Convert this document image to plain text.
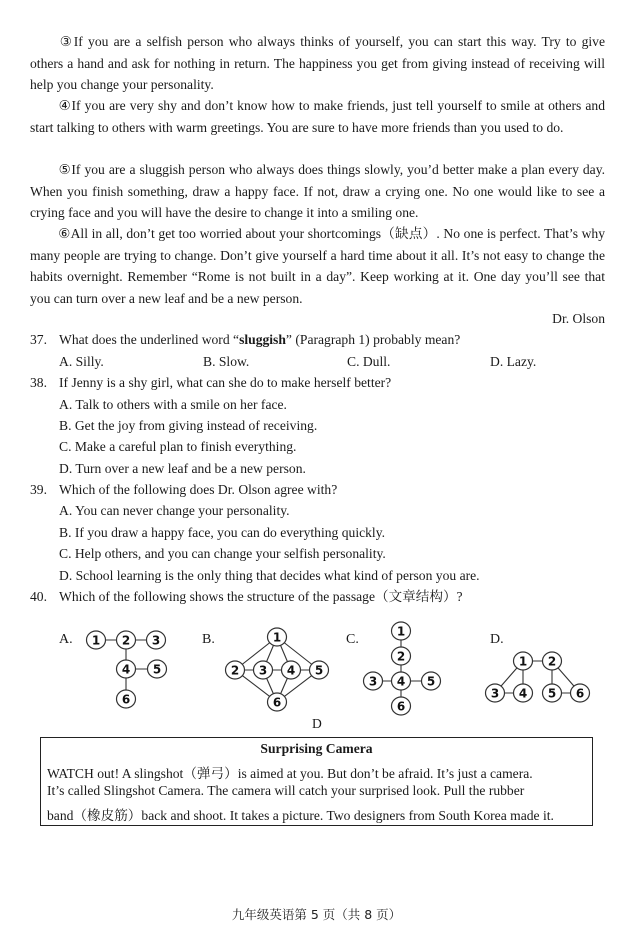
③If you are a selfish person who always thinks of yourself, you can start this way. Try to give others a hand and ask for nothing in return. The happiness you get from giving instead of receiving will help you change your personality.
④If you are very shy and don’t know how to make friends, just tell yourself to smile at others and start talking to others with warm greetings. You are sure to have more friends than you used to do.
⑤If you are a sluggish person who always does things slowly, you’d better make a plan every day. When you finish something, draw a happy face. If not, draw a crying one. No one would like to see a crying face and you will have the desire to change it into a smiling one.
⑥All in all, don’t get too worried about your shortcomings（缺点）. No one is perfect. That’s why many people are trying to change. Don’t give yourself a hard time about it all. It’s not easy to change the habits overnight. Remember “Rome is not built in a day”. Keep working at it. One day you’ll see that you can turn over a new leaf and be a new person.
Dr. Olson
37. What does the underlined word “sluggish” (Paragraph 1) probably mean?
A. Silly.	B. Slow.	C. Dull.	D. Lazy.
38. If Jenny is a shy girl, what can she do to make herself better?
A. Talk to others with a smile on her face.
B. Get the joy from giving instead of receiving.
C. Make a careful plan to finish everything.
D. Turn over a new leaf and be a new person.
39. Which of the following does Dr. Olson agree with?
A. You can never change your personality.
B. If you draw a happy face, you can do everything quickly.
C. Help others, and you can change your selfish personality.
D. School learning is the only thing that decides what kind of person you are.
40. Which of the following shows the structure of the passage（文章结构）?
A.	B.	C.	D.
1 2 3
4 5
6
1
2 3 4 5
6
1
2
3 4 5
6
1 2
3 4 5 6
D
Surprising Camera
WATCH out! A slingshot（弹弓）is aimed at you. But don’t be afraid. It’s just a camera.
It’s called Slingshot Camera. The camera will catch your surprised look. Pull the rubber
band（橡皮筋）back and shoot. It takes a picture. Two designers from South Korea made it.
九年级英语第 5 页（共 8 页）
